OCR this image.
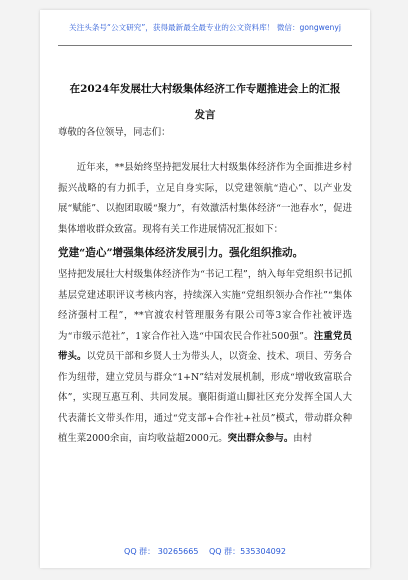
关注头条号“公文研究”，获得最新最全最专业的公文资料库！ 微信：gongwenyj
在2024年发展壮大村级集体经济工作专题推进会上的汇报
发言
尊敬的各位领导，同志们：
近年来，**县始终坚持把发展壮大村级集体经济作为全面推进乡村振兴战略的有力抓手，立足自身实际，以党建领航“造心”、以产业发展“赋能”、以抱团取暖“聚力”，有效激活村集体经济“一池春水”，促进集体增收群众致富。现将有关工作进展情况汇报如下：
党建“造心”增强集体经济发展引力。强化组织推动。
坚持把发展壮大村级集体经济作为“书记工程”，纳入每年党组织书记抓基层党建述职评议考核内容，持续深入实施“党组织领办合作社”“集体经济强村工程”，**官渡农村管理服务有限公司等3家合作社被评选为“市级示范社”，1家合作社入选“中国农民合作社500强”。注重党员带头。以党员干部和乡贤人士为带头人，以资金、技术、项目、劳务合作为纽带，建立党员与群众“1+N”结对发展机制，形成“增收致富联合体”，实现互惠互利、共同发展。襄阳街道山脚社区充分发挥全国人大代表蒲长文带头作用，通过“党支部+合作社+社员”模式，带动群众种植生菜2000余亩，亩均收益超2000元。突出群众参与。由村
QQ 群： 30265665 QQ 群：535304092
